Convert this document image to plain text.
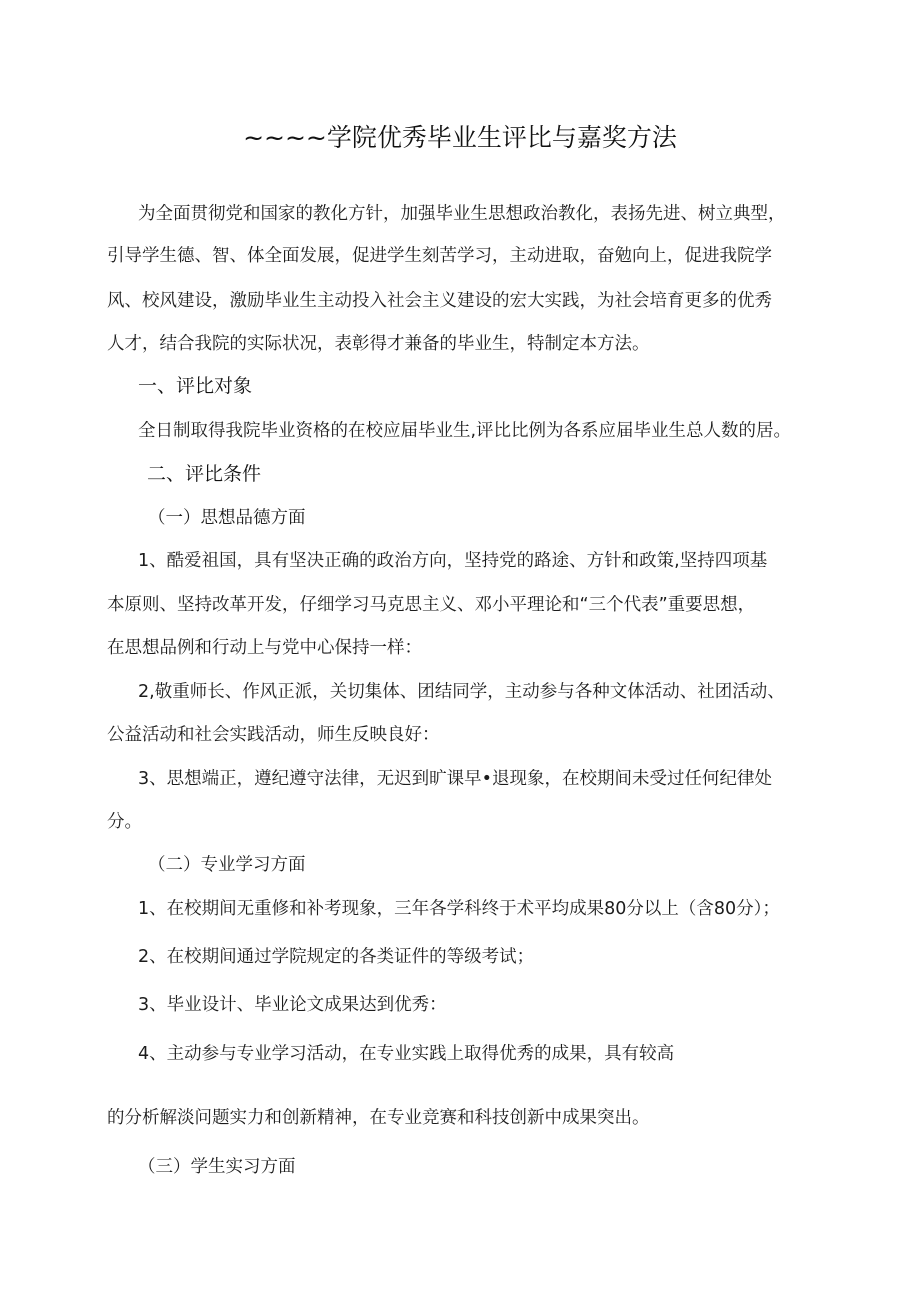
~~~~学院优秀毕业生评比与嘉奖方法
为全面贯彻党和国家的教化方针，加强毕业生思想政治教化，表扬先进、树立典型，
引导学生德、智、体全面发展，促进学生刻苦学习，主动进取，奋勉向上，促进我院学
风、校风建设，激励毕业生主动投入社会主义建设的宏大实践，为社会培育更多的优秀
人才，结合我院的实际状况，表彰得才兼备的毕业生，特制定本方法。
一、评比对象
全日制取得我院毕业资格的在校应届毕业生,评比比例为各系应届毕业生总人数的居。
二、评比条件
（一）思想品德方面
1、酷爱祖国，具有坚决正确的政治方向，坚持党的路途、方针和政策,坚持四项基
本原则、坚持改革开发，仔细学习马克思主义、邓小平理论和“三个代表”重要思想，
在思想品例和行动上与党中心保持一样：
2,敬重师长、作风正派，关切集体、团结同学，主动参与各种文体活动、社团活动、
公益活动和社会实践活动，师生反映良好：
3、思想端正，遵纪遵守法律，无迟到旷课早•退现象，在校期间未受过任何纪律处
分。
（二）专业学习方面
1、在校期间无重修和补考现象，三年各学科终于术平均成果80分以上（含80分）；
2、在校期间通过学院规定的各类证件的等级考试；
3、毕业设计、毕业论文成果达到优秀：
4、主动参与专业学习活动，在专业实践上取得优秀的成果，具有较高
的分析解淡问题实力和创新精神，在专业竞赛和科技创新中成果突出。
（三）学生实习方面
